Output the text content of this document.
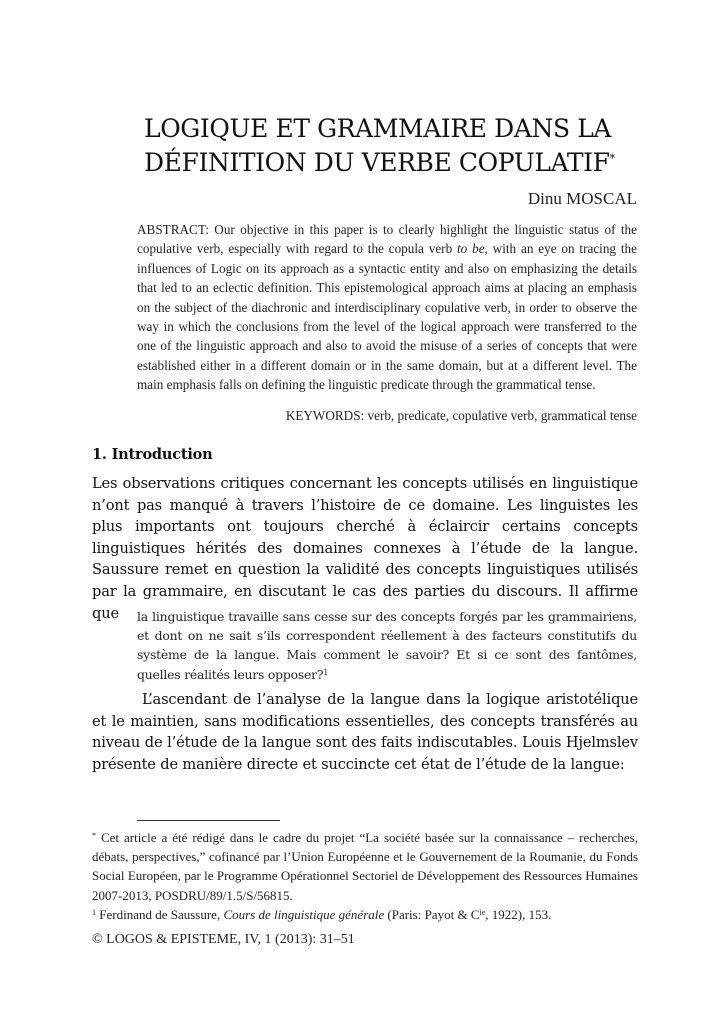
LOGIQUE ET GRAMMAIRE DANS LA
DÉFINITION DU VERBE COPULATIF*
Dinu MOSCAL
ABSTRACT: Our objective in this paper is to clearly highlight the linguistic status of the copulative verb, especially with regard to the copula verb to be, with an eye on tracing the influences of Logic on its approach as a syntactic entity and also on emphasizing the details that led to an eclectic definition. This epistemological approach aims at placing an emphasis on the subject of the diachronic and interdisciplinary copulative verb, in order to observe the way in which the conclusions from the level of the logical approach were transferred to the one of the linguistic approach and also to avoid the misuse of a series of concepts that were established either in a different domain or in the same domain, but at a different level. The main emphasis falls on defining the linguistic predicate through the grammatical tense.
KEYWORDS: verb, predicate, copulative verb, grammatical tense
1. Introduction
Les observations critiques concernant les concepts utilisés en linguistique n’ont pas manqué à travers l’histoire de ce domaine. Les linguistes les plus importants ont toujours cherché à éclaircir certains concepts linguistiques hérités des domaines connexes à l’étude de la langue. Saussure remet en question la validité des concepts linguistiques utilisés par la grammaire, en discutant le cas des parties du discours. Il affirme que	la linguistique travaille sans cesse sur des concepts forgés par les grammairiens, et dont on ne sait s’ils correspondent réellement à des facteurs constitutifs du système de la langue. Mais comment le savoir? Et si ce sont des fantômes, quelles réalités leurs opposer?$^1$
L’ascendant de l’analyse de la langue dans la logique aristotélique et le maintien, sans modifications essentielles, des concepts transférés au niveau de l’étude de la langue sont des faits indiscutables. Louis Hjelmslev présente de manière directe et succincte cet état de l’étude de la langue:

* Cet article a été rédigé dans le cadre du projet “La société basée sur la connaissance – recherches, débats, perspectives,” cofinancé par l’Union Européenne et le Gouvernement de la Roumanie, du Fonds Social Européen, par le Programme Opérationnel Sectoriel de Développement des Ressources Humaines 2007-2013, POSDRU/89/1.5/S/56815.

$^1$ Ferdinand de Saussure, Cours de linguistique générale (Paris: Payot & $C^{ie}$, 1922), 153.

© LOGOS & EPISTEME, IV, 1 (2013): 31–51
